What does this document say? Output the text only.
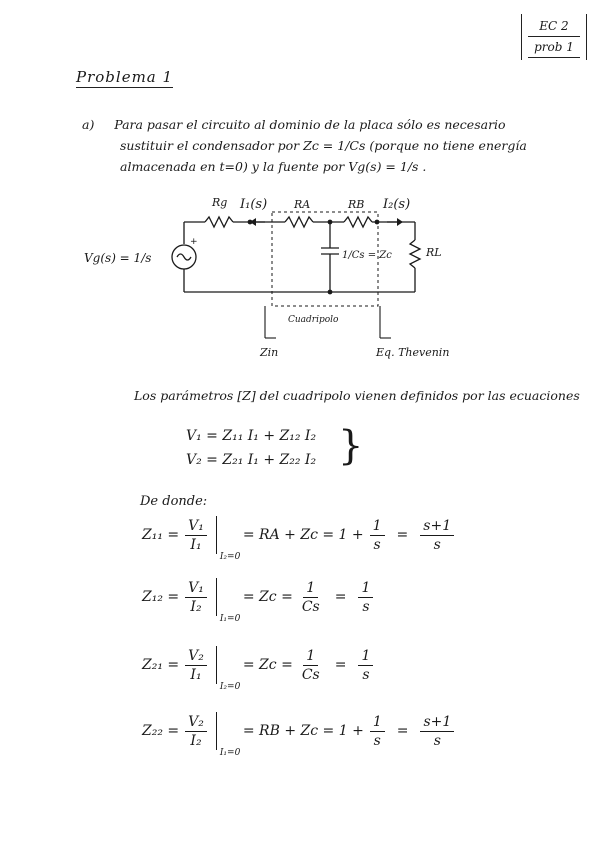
EC 2
prob 1
Problema 1
a) Para pasar el circuito al dominio de la placa sólo es necesario
sustituir el condensador por Zc = 1/Cs (porque no tiene energía
almacenada en t=0) y la fuente por Vg(s) = 1/s .
Rg I₁(s) RA	RB I₂(s)
1/Cs = Zc	RL
Vg(s) = 1/s
Cuadripolo
Zin	Eq. Thevenin
+
Los parámetros [Z] del cuadripolo vienen definidos por las ecuaciones
V₁ = Z₁₁ I₁ + Z₁₂ I₂
V₂ = Z₂₁ I₁ + Z₂₂ I₂ }
De donde:
$Z_{11} = \frac{\text{V₁}}{\text{I₁}}$
I₂=0
= RA + $Zc = 1 + \frac{1}{s} = \frac{s+1}{s}$
$Z_{12} = \frac{\text{V₁}}{\text{I₂}}$
I₁=0
= $Zc = \frac{1}{Cs} = \frac{1}{s}$
$Z_{21} = \frac{\text{V₂}}{\text{I₁}}$
I₂=0
= $Zc = \frac{1}{Cs} = \frac{1}{s}$
$Z_{22} = \frac{\text{V₂}}{\text{I₂}}$
I₁=0
= RB + $Zc = 1 + \frac{1}{s} = \frac{s+1}{s}$
